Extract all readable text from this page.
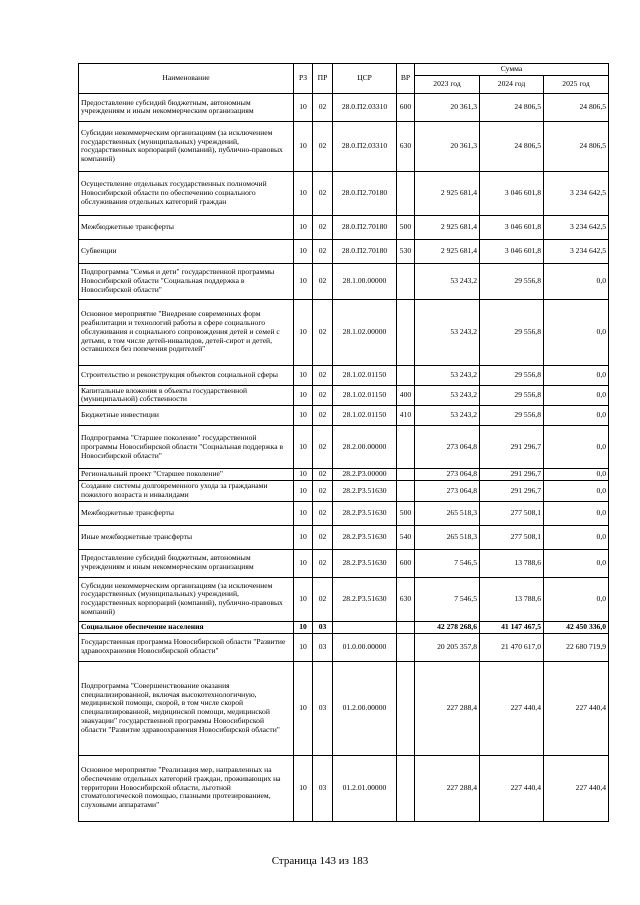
Наименование	РЗ	ПР	ЦСР	ВР	Сумма		
					2023 год	2024 год	2025 год
Предоставление субсидий бюджетным, автономным учреждениям и иным некоммерческим организациям	10	02	28.0.П2.03310	600	20 361,3	24 806,5	24 806,5
Субсидии некоммерческим организациям (за исключением государственных (муниципальных) учреждений, государственных корпораций (компаний), публично-правовых компаний)	10	02	28.0.П2.03310	630	20 361,3	24 806,5	24 806,5
Осуществление отдельных государственных полномочий Новосибирской области по обеспечению социального обслуживания отдельных категорий граждан	10	02	28.0.П2.70180		2 925 681,4	3 046 601,8	3 234 642,5
Межбюджетные трансферты	10	02	28.0.П2.70180	500	2 925 681,4	3 046 601,8	3 234 642,5
Субвенции	10	02	28.0.П2.70180	530	2 925 681,4	3 046 601,8	3 234 642,5
Подпрограмма "Семья и дети" государственной программы Новосибирской области "Социальная поддержка в Новосибирской области"	10	02	28.1.00.00000		53 243,2	29 556,8	0,0
Основное мероприятие "Внедрение современных форм реабилитации и технологий работы в сфере социального обслуживания и социального сопровождения детей и семей с детьми, в том числе детей-инвалидов, детей-сирот и детей, оставшихся без попечения родителей"	10	02	28.1.02.00000		53 243,2	29 556,8	0,0
Строительство и реконструкция объектов социальной сферы	10	02	28.1.02.01150		53 243,2	29 556,8	0,0
Капитальные вложения в объекты государственной (муниципальной) собственности	10	02	28.1.02.01150	400	53 243,2	29 556,8	0,0
Бюджетные инвестиции	10	02	28.1.02.01150	410	53 243,2	29 556,8	0,0
Подпрограмма "Старшее поколение" государственной программы Новосибирской области "Социальная поддержка в Новосибирской области"	10	02	28.2.00.00000		273 064,8	291 296,7	0,0
Региональный проект "Старшее поколение"	10	02	28.2.Р3.00000		273 064,8	291 296,7	0,0
Создание системы долговременного ухода за гражданами пожилого возраста и инвалидами	10	02	28.2.Р3.51630		273 064,8	291 296,7	0,0
Межбюджетные трансферты	10	02	28.2.Р3.51630	500	265 518,3	277 508,1	0,0
Иные межбюджетные трансферты	10	02	28.2.Р3.51630	540	265 518,3	277 508,1	0,0
Предоставление субсидий бюджетным, автономным учреждениям и иным некоммерческим организациям	10	02	28.2.Р3.51630	600	7 546,5	13 788,6	0,0
Субсидии некоммерческим организациям (за исключением государственных (муниципальных) учреждений, государственных корпораций (компаний), публично-правовых компаний)	10	02	28.2.Р3.51630	630	7 546,5	13 788,6	0,0
Социальное обеспечение населения	10	03			42 278 268,6	41 147 467,5	42 450 336,0
Государственная программа Новосибирской области "Развитие здравоохранения Новосибирской области"	10	03	01.0.00.00000		20 205 357,8	21 470 617,0	22 680 719,9
Подпрограмма "Совершенствование оказания специализированной, включая высокотехнологичную, медицинской помощи, скорой, в том числе скорой специализированной, медицинской помощи, медицинской эвакуации" государственной программы Новосибирской области "Развитие здравоохранения Новосибирской области"	10	03	01.2.00.00000		227 288,4	227 440,4	227 440,4
Основное мероприятие "Реализация мер, направленных на обеспечение отдельных категорий граждан, проживающих на территории Новосибирской области, льготной стоматологической помощью, глазными протезированием, слуховыми аппаратами"	10	03	01.2.01.00000		227 288,4	227 440,4	227 440,4
Страница 143 из 183
